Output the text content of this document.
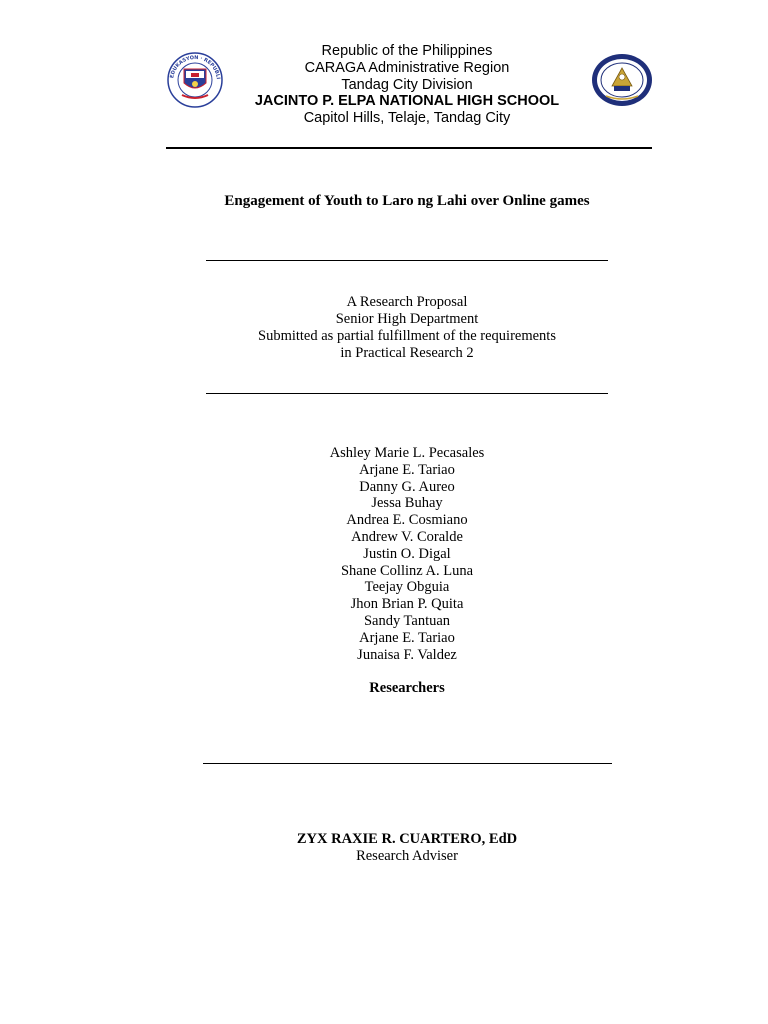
EDUKASYON · REPUBLI
Republic of the Philippines
CARAGA Administrative Region
Tandag City Division
JACINTO P. ELPA NATIONAL HIGH SCHOOL
Capitol Hills, Telaje, Tandag City
Engagement of Youth to Laro ng Lahi over Online games
A Research Proposal
Senior High Department
Submitted as partial fulfillment of the requirements
in Practical Research 2
Ashley Marie L. Pecasales
Arjane E. Tariao
Danny G. Aureo
Jessa Buhay
Andrea E. Cosmiano
Andrew V. Coralde
Justin O. Digal
Shane Collinz A. Luna
Teejay Obguia
Jhon Brian P. Quita
Sandy Tantuan
Arjane E. Tariao
Junaisa F. Valdez
Researchers
ZYX RAXIE R. CUARTERO, EdD
Research Adviser
